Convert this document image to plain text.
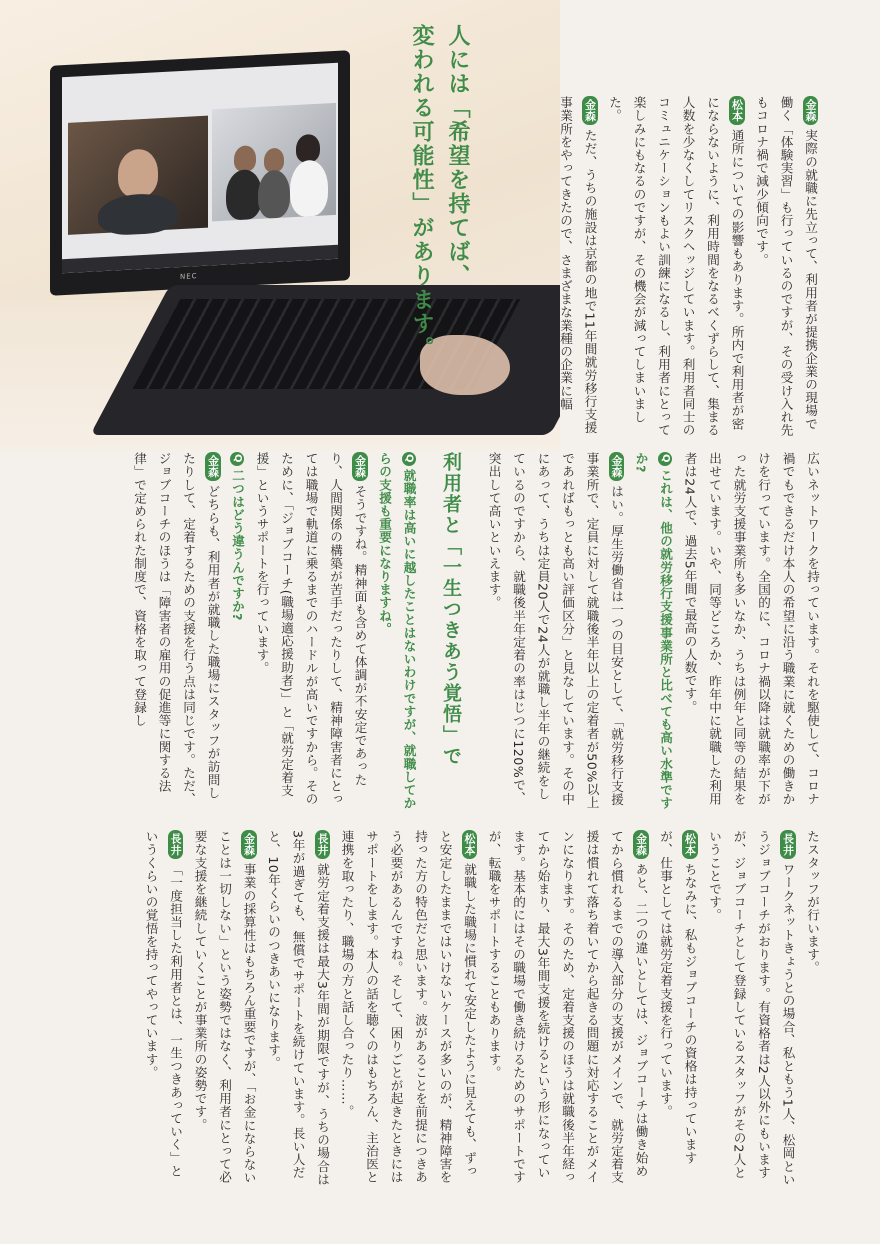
NEC	人には「希望を持てば、
変われる可能性」があります。	金森実際の就職に先立って、利用者が提携企業の現場で働く「体験実習」も行っているのですが、その受け入れ先もコロナ禍で減少傾向です。

松本通所についての影響もあります。所内で利用者が密にならないように、利用時間をなるべくずらして、集まる人数を少なくしてリスクヘッジしています。利用者同士のコミュニケーションもよい訓練になるし、利用者にとって楽しみにもなるのですが、その機会が減ってしまいました。

金森ただ、うちの施設は京都の地で11年間就労移行支援事業所をやってきたので、さまざまな業種の企業に幅

広いネットワークを持っています。それを駆使して、コロナ禍でもできるだけ本人の希望に沿う職業に就くための働きかけを行っています。全国的に、コロナ禍以降は就職率が下がった就労支援事業所も多いなか、うちは例年と同等の結果を出せています。いや、同等どころか、昨年中に就職した利用者は24人で、過去5年間で最高の人数です。

Qこれは、他の就労移行支援事業所と比べても高い水準ですか?

金森はい。厚生労働省は一つの目安として、「就労移行支援事業所で、定員に対して就職後半年以上の定着者が50%以上であればもっとも高い評価区分」と見なしています。その中にあって、うちは定員20人で24人が就職し半年の継続をしているのですから、就職後半年定着の率はじつに120%で、突出して高いといえます。

利用者と「一生つきあう覚悟」で

Q就職率は高いに越したことはないわけですが、就職してからの支援も重要になりますね。

金森そうですね。精神面も含めて体調が不安定であったり、人間関係の構築が苦手だったりして、精神障害者にとっては職場で軌道に乗るまでのハードルが高いですから。そのために、「ジョブコーチ(職場適応援助者)」と「就労定着支援」というサポートを行っています。

Q二つはどう違うんですか?

金森どちらも、利用者が就職した職場にスタッフが訪問したりして、定着するための支援を行う点は同じです。ただ、ジョブコーチのほうは「障害者の雇用の促進等に関する法律」で定められた制度で、資格を取って登録し

たスタッフが行います。

長井ワークネットきょうとの場合、私ともう1人、松岡というジョブコーチがおります。有資格者は2人以外にもいますが、ジョブコーチとして登録しているスタッフがその2人ということです。

松本ちなみに、私もジョブコーチの資格は持っていますが、仕事としては就労定着支援を行っています。

金森あと、二つの違いとしては、ジョブコーチは働き始めてから慣れるまでの導入部分の支援がメインで、就労定着支援は慣れて落ち着いてから起きる問題に対応することがメインになります。そのため、定着支援のほうは就職後半年経ってから始まり、最大3年間支援を続けるという形になっています。基本的にはその職場で働き続けるためのサポートですが、転職をサポートすることもあります。

松本就職した職場に慣れて安定したように見えても、ずっと安定したままではいけないケースが多いのが、精神障害を持った方の特色だと思います。波があることを前提につきあう必要があるんですね。そして、困りごとが起きたときにはサポートをします。本人の話を聴くのはもちろん、主治医と連携を取ったり、職場の方と話し合ったり……。

長井就労定着支援は最大3年間が期限ですが、うちの場合は3年が過ぎても、無償でサポートを続けています。長い人だと、10年くらいのつきあいになります。

金森事業の採算性はもちろん重要ですが、「お金にならないことは一切しない」という姿勢ではなく、利用者にとって必要な支援を継続していくことが事業所の姿勢です。

長井「一度担当した利用者とは、一生つきあっていく」というくらいの覚悟を持ってやっています。
